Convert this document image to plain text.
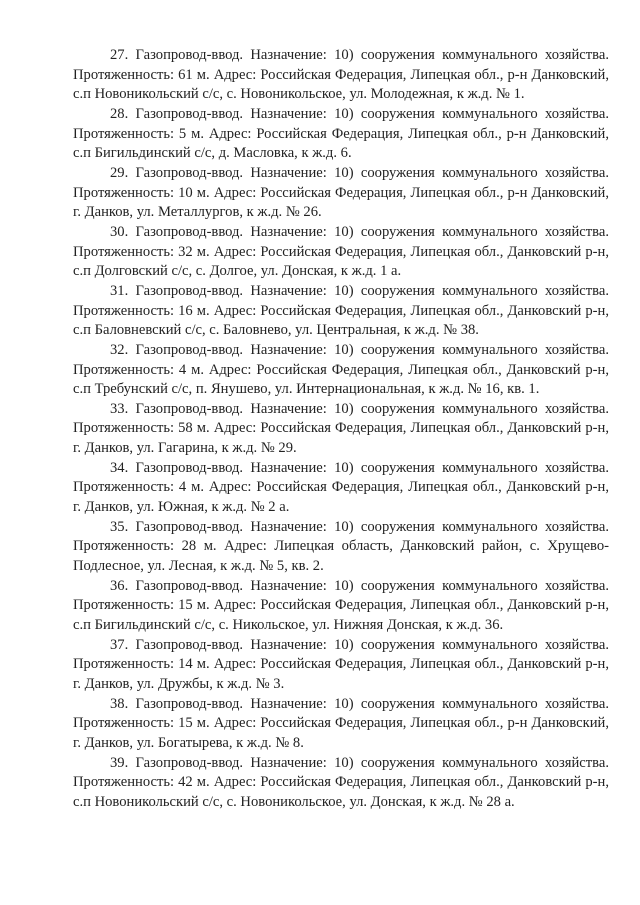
27. Газопровод-ввод. Назначение: 10) сооружения коммунального хозяйства. Протяженность: 61 м. Адрес: Российская Федерация, Липецкая обл., р-н Данковский, с.п Новоникольский с/с, с. Новоникольское, ул. Молодежная, к ж.д. № 1.

28. Газопровод-ввод. Назначение: 10) сооружения коммунального хозяйства. Протяженность: 5 м. Адрес: Российская Федерация, Липецкая обл., р-н Данковский, с.п Бигильдинский с/с, д. Масловка, к ж.д. 6.

29. Газопровод-ввод. Назначение: 10) сооружения коммунального хозяйства. Протяженность: 10 м. Адрес: Российская Федерация, Липецкая обл., р-н Данковский, г. Данков, ул. Металлургов, к ж.д. № 26.

30. Газопровод-ввод. Назначение: 10) сооружения коммунального хозяйства. Протяженность: 32 м. Адрес: Российская Федерация, Липецкая обл., Данковский р-н, с.п Долговский с/с, с. Долгое, ул. Донская, к ж.д. 1 а.

31. Газопровод-ввод. Назначение: 10) сооружения коммунального хозяйства. Протяженность: 16 м. Адрес: Российская Федерация, Липецкая обл., Данковский р-н, с.п Баловневский с/с, с. Баловнево, ул. Центральная, к ж.д. № 38.

32. Газопровод-ввод. Назначение: 10) сооружения коммунального хозяйства. Протяженность: 4 м. Адрес: Российская Федерация, Липецкая обл., Данковский р-н, с.п Требунский с/с, п. Янушево, ул. Интернациональная, к ж.д. № 16, кв. 1.

33. Газопровод-ввод. Назначение: 10) сооружения коммунального хозяйства. Протяженность: 58 м. Адрес: Российская Федерация, Липецкая обл., Данковский р-н, г. Данков, ул. Гагарина, к ж.д. № 29.

34. Газопровод-ввод. Назначение: 10) сооружения коммунального хозяйства. Протяженность: 4 м. Адрес: Российская Федерация, Липецкая обл., Данковский р-н, г. Данков, ул. Южная, к ж.д. № 2 а.

35. Газопровод-ввод. Назначение: 10) сооружения коммунального хозяйства. Протяженность: 28 м. Адрес: Липецкая область, Данковский район, с. Хрущево-Подлесное, ул. Лесная, к ж.д. № 5, кв. 2.

36. Газопровод-ввод. Назначение: 10) сооружения коммунального хозяйства. Протяженность: 15 м. Адрес: Российская Федерация, Липецкая обл., Данковский р-н, с.п Бигильдинский с/с, с. Никольское, ул. Нижняя Донская, к ж.д. 36.

37. Газопровод-ввод. Назначение: 10) сооружения коммунального хозяйства. Протяженность: 14 м. Адрес: Российская Федерация, Липецкая обл., Данковский р-н, г. Данков, ул. Дружбы, к ж.д. № 3.

38. Газопровод-ввод. Назначение: 10) сооружения коммунального хозяйства. Протяженность: 15 м. Адрес: Российская Федерация, Липецкая обл., р-н Данковский, г. Данков, ул. Богатырева, к ж.д. № 8.

39. Газопровод-ввод. Назначение: 10) сооружения коммунального хозяйства. Протяженность: 42 м. Адрес: Российская Федерация, Липецкая обл., Данковский р-н, с.п Новоникольский с/с, с. Новоникольское, ул. Донская, к ж.д. № 28 а.
